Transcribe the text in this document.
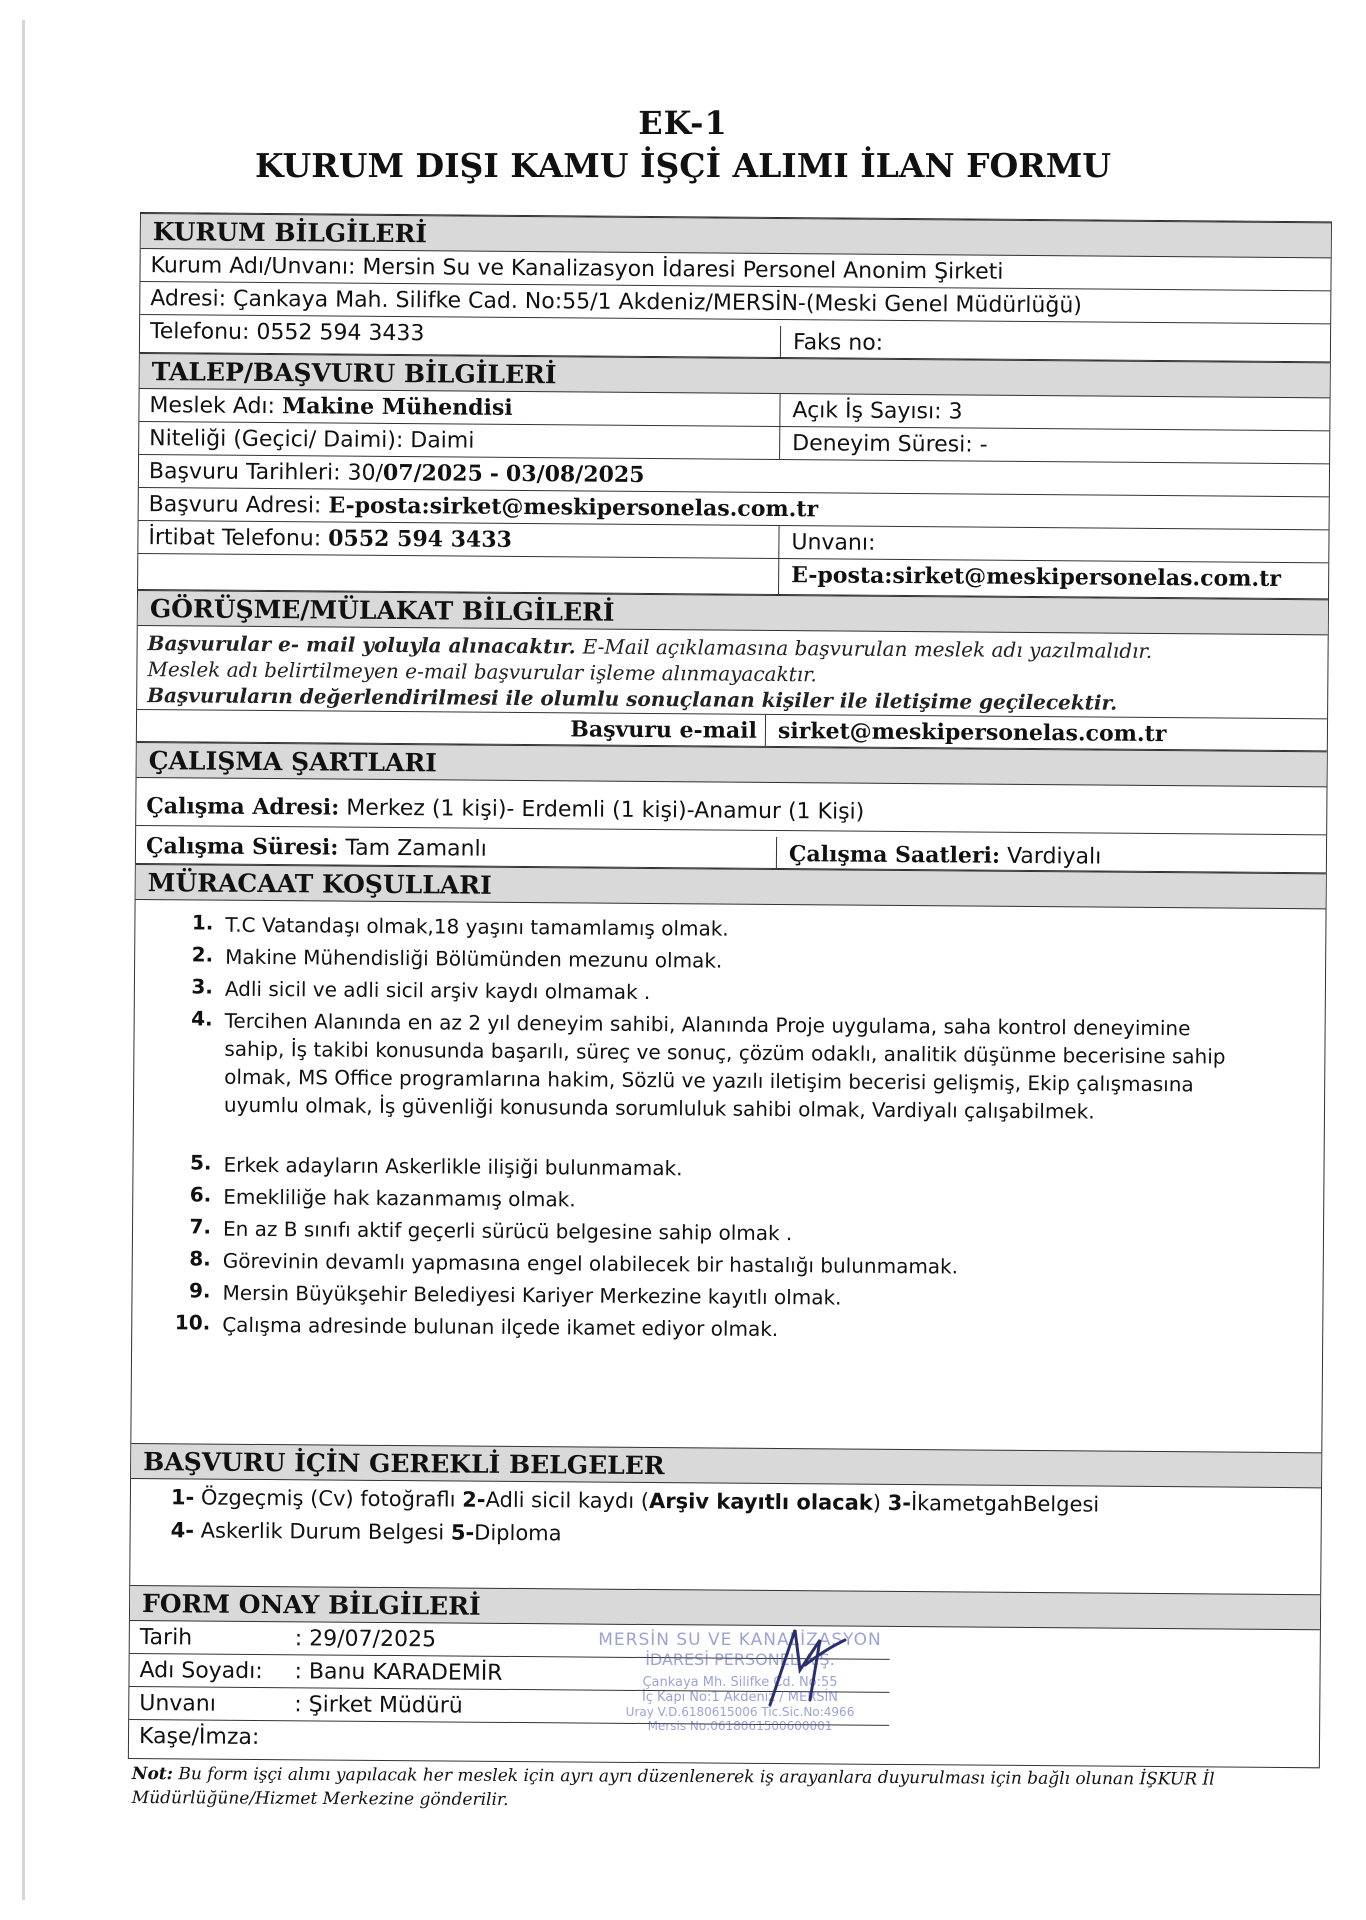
EK-1
KURUM DIŞI KAMU İŞÇİ ALIMI İLAN FORMU
KURUM BİLGİLERİ
Kurum Adı/Unvanı: Mersin Su ve Kanalizasyon İdaresi Personel Anonim Şirketi
Adresi: Çankaya Mah. Silifke Cad. No:55/1 Akdeniz/MERSİN-(Meski Genel Müdürlüğü)
Telefonu: 0552 594 3433	Faks no:
TALEP/BAŞVURU BİLGİLERİ
Meslek Adı: Makine Mühendisi	Açık İş Sayısı: 3
Niteliği (Geçici/ Daimi): Daimi	Deneyim Süresi: -
Başvuru Tarihleri: 30/07/2025 - 03/08/2025
Başvuru Adresi: E-posta:sirket@meskipersonelas.com.tr
İrtibat Telefonu: 0552 594 3433	Unvanı:
E-posta:sirket@meskipersonelas.com.tr
GÖRÜŞME/MÜLAKAT BİLGİLERİ
Başvurular e- mail yoluyla alınacaktır. E-Mail açıklamasına başvurulan meslek adı yazılmalıdır.
Meslek adı belirtilmeyen e-mail başvurular işleme alınmayacaktır.
Başvuruların değerlendirilmesi ile olumlu sonuçlanan kişiler ile iletişime geçilecektir.
Başvuru e-mail sirket@meskipersonelas.com.tr
ÇALIŞMA ŞARTLARI
Çalışma Adresi: Merkez (1 kişi)- Erdemli (1 kişi)-Anamur (1 Kişi)
Çalışma Süresi: Tam Zamanlı	Çalışma Saatleri: Vardiyalı
MÜRACAAT KOŞULLARI
1. T.C Vatandaşı olmak,18 yaşını tamamlamış olmak.
2. Makine Mühendisliği Bölümünden mezunu olmak.
3. Adli sicil ve adli sicil arşiv kaydı olmamak .
4. Tercihen Alanında en az 2 yıl deneyim sahibi, Alanında Proje uygulama, saha kontrol deneyimine sahip, İş takibi konusunda başarılı, süreç ve sonuç, çözüm odaklı, analitik düşünme becerisine sahip olmak, MS Office programlarına hakim, Sözlü ve yazılı iletişim becerisi gelişmiş, Ekip çalışmasına uyumlu olmak, İş güvenliği konusunda sorumluluk sahibi olmak, Vardiyalı çalışabilmek.
5. Erkek adayların Askerlikle ilişiği bulunmamak.
6. Emekliliğe hak kazanmamış olmak.
7. En az B sınıfı aktif geçerli sürücü belgesine sahip olmak .
8. Görevinin devamlı yapmasına engel olabilecek bir hastalığı bulunmamak.
9. Mersin Büyükşehir Belediyesi Kariyer Merkezine kayıtlı olmak.
10. Çalışma adresinde bulunan ilçede ikamet ediyor olmak.
BAŞVURU İÇİN GEREKLİ BELGELER
1- Özgeçmiş (Cv) fotoğraflı 2-Adli sicil kaydı (Arşiv kayıtlı olacak) 3-İkametgahBelgesi
4- Askerlik Durum Belgesi 5-Diploma
FORM ONAY BİLGİLERİ
Tarih	: 29/07/2025
Adı Soyadı: : Banu KARADEMİR
Unvanı	: Şirket Müdürü
Kaşe/İmza:
MERSİN SU VE KANALİZASYON
İDARESİ PERSONEL A.Ş.
Çankaya Mh. Silifke Cd. No:55
İç Kapı No:1 Akdeniz / MERSİN
Uray V.D.6180615006 Tic.Sic.No:4966
Mersis No:0618061500600001
Not: Bu form işçi alımı yapılacak her meslek için ayrı ayrı düzenlenerek iş arayanlara duyurulması için bağlı olunan İŞKUR İl Müdürlüğüne/Hizmet Merkezine gönderilir.
